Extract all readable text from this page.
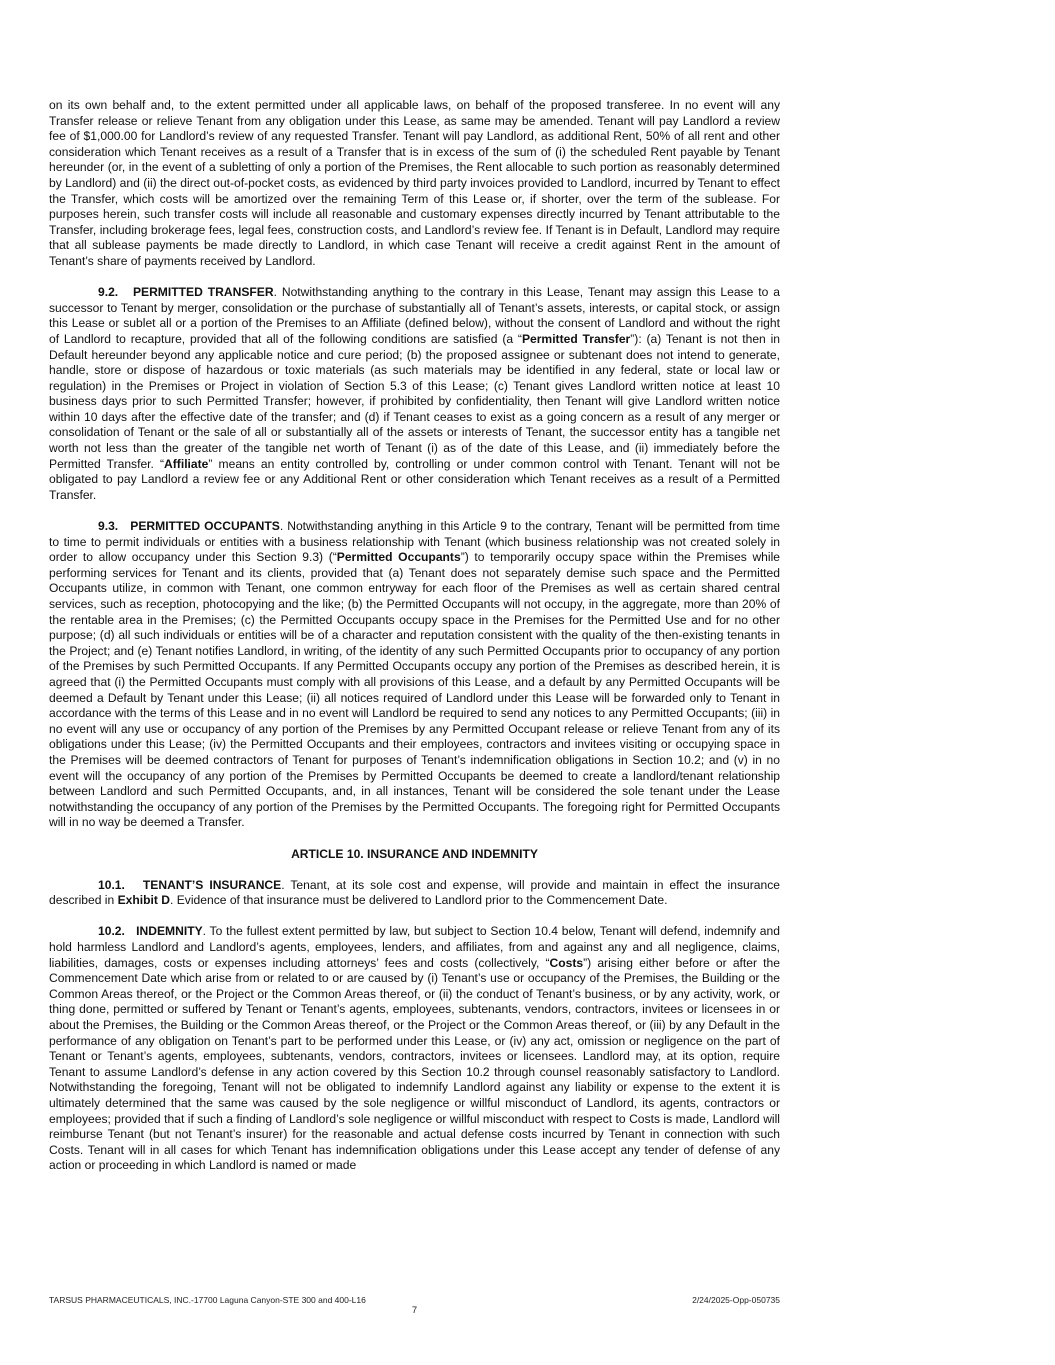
on its own behalf and, to the extent permitted under all applicable laws, on behalf of the proposed transferee. In no event will any Transfer release or relieve Tenant from any obligation under this Lease, as same may be amended. Tenant will pay Landlord a review fee of $1,000.00 for Landlord’s review of any requested Transfer. Tenant will pay Landlord, as additional Rent, 50% of all rent and other consideration which Tenant receives as a result of a Transfer that is in excess of the sum of (i) the scheduled Rent payable by Tenant hereunder (or, in the event of a subletting of only a portion of the Premises, the Rent allocable to such portion as reasonably determined by Landlord) and (ii) the direct out-of-pocket costs, as evidenced by third party invoices provided to Landlord, incurred by Tenant to effect the Transfer, which costs will be amortized over the remaining Term of this Lease or, if shorter, over the term of the sublease. For purposes herein, such transfer costs will include all reasonable and customary expenses directly incurred by Tenant attributable to the Transfer, including brokerage fees, legal fees, construction costs, and Landlord’s review fee. If Tenant is in Default, Landlord may require that all sublease payments be made directly to Landlord, in which case Tenant will receive a credit against Rent in the amount of Tenant’s share of payments received by Landlord.

9.2. PERMITTED TRANSFER. Notwithstanding anything to the contrary in this Lease, Tenant may assign this Lease to a successor to Tenant by merger, consolidation or the purchase of substantially all of Tenant’s assets, interests, or capital stock, or assign this Lease or sublet all or a portion of the Premises to an Affiliate (defined below), without the consent of Landlord and without the right of Landlord to recapture, provided that all of the following conditions are satisfied (a “Permitted Transfer”): (a) Tenant is not then in Default hereunder beyond any applicable notice and cure period; (b) the proposed assignee or subtenant does not intend to generate, handle, store or dispose of hazardous or toxic materials (as such materials may be identified in any federal, state or local law or regulation) in the Premises or Project in violation of Section 5.3 of this Lease; (c) Tenant gives Landlord written notice at least 10 business days prior to such Permitted Transfer; however, if prohibited by confidentiality, then Tenant will give Landlord written notice within 10 days after the effective date of the transfer; and (d) if Tenant ceases to exist as a going concern as a result of any merger or consolidation of Tenant or the sale of all or substantially all of the assets or interests of Tenant, the successor entity has a tangible net worth not less than the greater of the tangible net worth of Tenant (i) as of the date of this Lease, and (ii) immediately before the Permitted Transfer. “Affiliate” means an entity controlled by, controlling or under common control with Tenant. Tenant will not be obligated to pay Landlord a review fee or any Additional Rent or other consideration which Tenant receives as a result of a Permitted Transfer.

9.3. PERMITTED OCCUPANTS. Notwithstanding anything in this Article 9 to the contrary, Tenant will be permitted from time to time to permit individuals or entities with a business relationship with Tenant (which business relationship was not created solely in order to allow occupancy under this Section 9.3) (“Permitted Occupants”) to temporarily occupy space within the Premises while performing services for Tenant and its clients, provided that (a) Tenant does not separately demise such space and the Permitted Occupants utilize, in common with Tenant, one common entryway for each floor of the Premises as well as certain shared central services, such as reception, photocopying and the like; (b) the Permitted Occupants will not occupy, in the aggregate, more than 20% of the rentable area in the Premises; (c) the Permitted Occupants occupy space in the Premises for the Permitted Use and for no other purpose; (d) all such individuals or entities will be of a character and reputation consistent with the quality of the then-existing tenants in the Project; and (e) Tenant notifies Landlord, in writing, of the identity of any such Permitted Occupants prior to occupancy of any portion of the Premises by such Permitted Occupants. If any Permitted Occupants occupy any portion of the Premises as described herein, it is agreed that (i) the Permitted Occupants must comply with all provisions of this Lease, and a default by any Permitted Occupants will be deemed a Default by Tenant under this Lease; (ii) all notices required of Landlord under this Lease will be forwarded only to Tenant in accordance with the terms of this Lease and in no event will Landlord be required to send any notices to any Permitted Occupants; (iii) in no event will any use or occupancy of any portion of the Premises by any Permitted Occupant release or relieve Tenant from any of its obligations under this Lease; (iv) the Permitted Occupants and their employees, contractors and invitees visiting or occupying space in the Premises will be deemed contractors of Tenant for purposes of Tenant’s indemnification obligations in Section 10.2; and (v) in no event will the occupancy of any portion of the Premises by Permitted Occupants be deemed to create a landlord/tenant relationship between Landlord and such Permitted Occupants, and, in all instances, Tenant will be considered the sole tenant under the Lease notwithstanding the occupancy of any portion of the Premises by the Permitted Occupants. The foregoing right for Permitted Occupants will in no way be deemed a Transfer.

ARTICLE 10. INSURANCE AND INDEMNITY

10.1. TENANT’S INSURANCE. Tenant, at its sole cost and expense, will provide and maintain in effect the insurance described in Exhibit D. Evidence of that insurance must be delivered to Landlord prior to the Commencement Date.

10.2. INDEMNITY. To the fullest extent permitted by law, but subject to Section 10.4 below, Tenant will defend, indemnify and hold harmless Landlord and Landlord’s agents, employees, lenders, and affiliates, from and against any and all negligence, claims, liabilities, damages, costs or expenses including attorneys’ fees and costs (collectively, “Costs”) arising either before or after the Commencement Date which arise from or related to or are caused by (i) Tenant’s use or occupancy of the Premises, the Building or the Common Areas thereof, or the Project or the Common Areas thereof, or (ii) the conduct of Tenant’s business, or by any activity, work, or thing done, permitted or suffered by Tenant or Tenant’s agents, employees, subtenants, vendors, contractors, invitees or licensees in or about the Premises, the Building or the Common Areas thereof, or the Project or the Common Areas thereof, or (iii) by any Default in the performance of any obligation on Tenant’s part to be performed under this Lease, or (iv) any act, omission or negligence on the part of Tenant or Tenant’s agents, employees, subtenants, vendors, contractors, invitees or licensees. Landlord may, at its option, require Tenant to assume Landlord’s defense in any action covered by this Section 10.2 through counsel reasonably satisfactory to Landlord. Notwithstanding the foregoing, Tenant will not be obligated to indemnify Landlord against any liability or expense to the extent it is ultimately determined that the same was caused by the sole negligence or willful misconduct of Landlord, its agents, contractors or employees; provided that if such a finding of Landlord’s sole negligence or willful misconduct with respect to Costs is made, Landlord will reimburse Tenant (but not Tenant’s insurer) for the reasonable and actual defense costs incurred by Tenant in connection with such Costs. Tenant will in all cases for which Tenant has indemnification obligations under this Lease accept any tender of defense of any action or proceeding in which Landlord is named or made

TARSUS PHARMACEUTICALS, INC.-17700 Laguna Canyon-STE 300 and 400-L16	2/24/2025-Opp-050735
7
